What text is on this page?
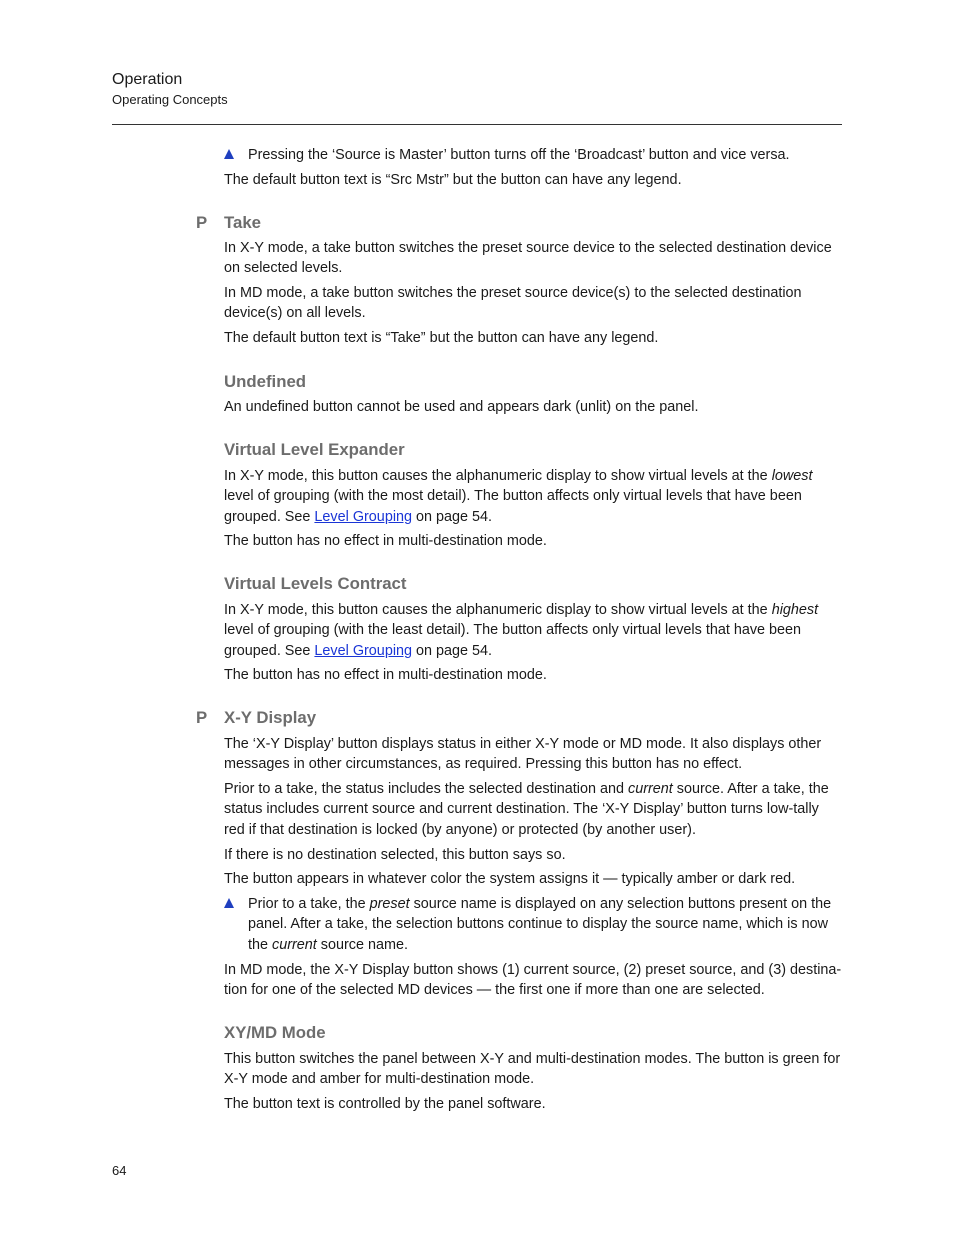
Operation
Operating Concepts
Pressing the ‘Source is Master’ button turns off the ‘Broadcast’ button and vice versa.

The default button text is “Src Mstr” but the button can have any legend.

P Take

In X-Y mode, a take button switches the preset source device to the selected destination device on selected levels.

In MD mode, a take button switches the preset source device(s) to the selected destination device(s) on all levels.

The default button text is “Take” but the button can have any legend.

Undefined

An undefined button cannot be used and appears dark (unlit) on the panel.

Virtual Level Expander

In X-Y mode, this button causes the alphanumeric display to show virtual levels at the lowest level of grouping (with the most detail). The button affects only virtual levels that have been grouped. See Level Grouping on page 54.

The button has no effect in multi-destination mode.

Virtual Levels Contract

In X-Y mode, this button causes the alphanumeric display to show virtual levels at the highest level of grouping (with the least detail). The button affects only virtual levels that have been grouped. See Level Grouping on page 54.

The button has no effect in multi-destination mode.

P X-Y Display

The ‘X-Y Display’ button displays status in either X-Y mode or MD mode. It also displays other messages in other circumstances, as required. Pressing this button has no effect.

Prior to a take, the status includes the selected destination and current source. After a take, the status includes current source and current destination. The ‘X-Y Display’ button turns low-tally red if that destination is locked (by anyone) or protected (by another user).

If there is no destination selected, this button says so.

The button appears in whatever color the system assigns it — typically amber or dark red.

Prior to a take, the preset source name is displayed on any selection buttons present on the panel. After a take, the selection buttons continue to display the source name, which is now the current source name.

In MD mode, the X-Y Display button shows (1) current source, (2) preset source, and (3) destina-tion for one of the selected MD devices — the first one if more than one are selected.

XY/MD Mode

This button switches the panel between X-Y and multi-destination modes. The button is green for X-Y mode and amber for multi-destination mode.

The button text is controlled by the panel software.

64
